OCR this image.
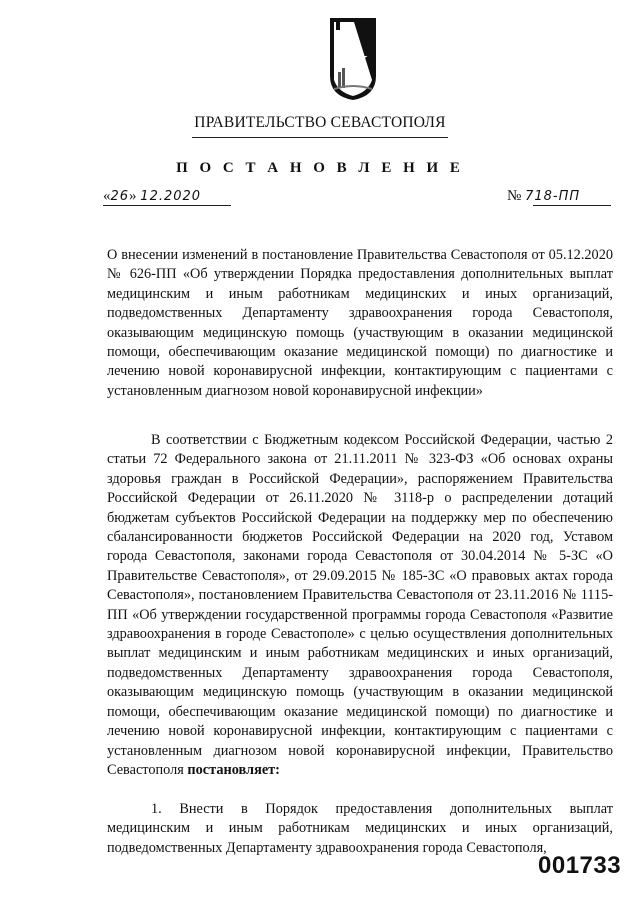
ПРАВИТЕЛЬСТВО СЕВАСТОПОЛЯ
П О С Т А Н О В Л Е Н И Е
«26» 12.2020	№ 718-ПП
О внесении изменений в постановление Правительства Севастополя от 05.12.2020 № 626-ПП «Об утверждении Порядка предоставления дополнительных выплат медицинским и иным работникам медицинских и иных организаций, подведомственных Департаменту здравоохранения города Севастополя, оказывающим медицинскую помощь (участвующим в оказании медицинской помощи, обеспечивающим оказание медицинской помощи) по диагностике и лечению новой коронавирусной инфекции, контактирующим с пациентами с установленным диагнозом новой коронавирусной инфекции»
В соответствии с Бюджетным кодексом Российской Федерации, частью 2 статьи 72 Федерального закона от 21.11.2011 № 323-ФЗ «Об основах охраны здоровья граждан в Российской Федерации», распоряжением Правительства Российской Федерации от 26.11.2020 № 3118-р о распределении дотаций бюджетам субъектов Российской Федерации на поддержку мер по обеспечению сбалансированности бюджетов Российской Федерации на 2020 год, Уставом города Севастополя, законами города Севастополя от 30.04.2014 № 5-ЗС «О Правительстве Севастополя», от 29.09.2015 № 185-ЗС «О правовых актах города Севастополя», постановлением Правительства Севастополя от 23.11.2016 № 1115-ПП «Об утверждении государственной программы города Севастополя «Развитие здравоохранения в городе Севастополе» с целью осуществления дополнительных выплат медицинским и иным работникам медицинских и иных организаций, подведомственных Департаменту здравоохранения города Севастополя, оказывающим медицинскую помощь (участвующим в оказании медицинской помощи, обеспечивающим оказание медицинской помощи) по диагностике и лечению новой коронавирусной инфекции, контактирующим с пациентами с установленным диагнозом новой коронавирусной инфекции, Правительство Севастополя постановляет:
1. Внести в Порядок предоставления дополнительных выплат медицинским и иным работникам медицинских и иных организаций, подведомственных Департаменту здравоохранения города Севастополя,
001733
